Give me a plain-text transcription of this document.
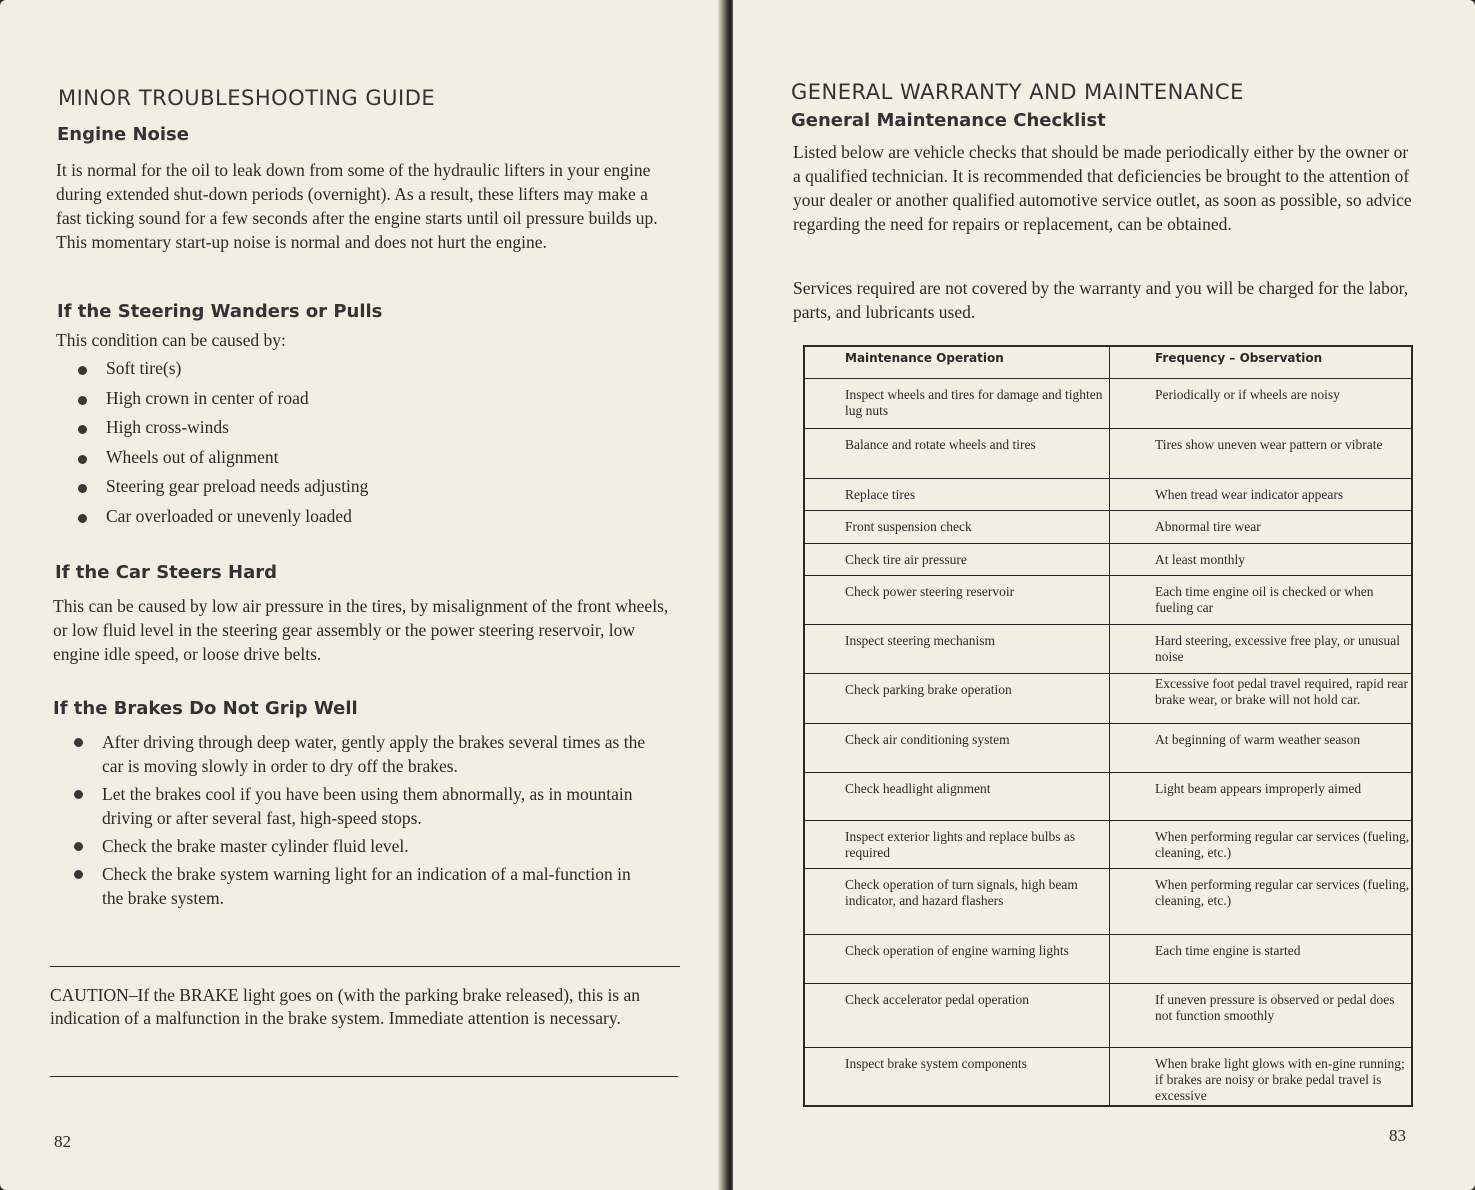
MINOR TROUBLESHOOTING GUIDE
Engine Noise

It is normal for the oil to leak down from some of the hydraulic lifters in your engine during extended shut-down periods (overnight). As a result, these lifters may make a fast ticking sound for a few seconds after the engine starts until oil pressure builds up. This momentary start-up noise is normal and does not hurt the engine.

If the Steering Wanders or Pulls

This condition can be caused by:

Soft tire(s)
High crown in center of road
High cross-winds
Wheels out of alignment
Steering gear preload needs adjusting
Car overloaded or unevenly loaded
If the Car Steers Hard

This can be caused by low air pressure in the tires, by misalignment of the front wheels, or low fluid level in the steering gear assembly or the power steering reservoir, low engine idle speed, or loose drive belts.

If the Brakes Do Not Grip Well
After driving through deep water, gently apply the brakes several times as the car is moving slowly in order to dry off the brakes.
Let the brakes cool if you have been using them abnormally, as in mountain driving or after several fast, high-speed stops.
Check the brake master cylinder fluid level.
Check the brake system warning light for an indication of a mal-function in the brake system.

CAUTION–If the BRAKE light goes on (with the parking brake released), this is an indication of a malfunction in the brake system. Immediate attention is necessary.

82
GENERAL WARRANTY AND MAINTENANCE
General Maintenance Checklist

Listed below are vehicle checks that should be made periodically either by the owner or a qualified technician. It is recommended that deficiencies be brought to the attention of your dealer or another qualified automotive service outlet, as soon as possible, so advice regarding the need for repairs or replacement, can be obtained.

Services required are not covered by the warranty and you will be charged for the labor, parts, and lubricants used.

Maintenance Operation	Frequency – Observation
Inspect wheels and tires for damage and tighten lug nuts	Periodically or if wheels are noisy
Balance and rotate wheels and tires	Tires show uneven wear pattern or vibrate
Replace tires	When tread wear indicator appears
Front suspension check	Abnormal tire wear
Check tire air pressure	At least monthly
Check power steering reservoir	Each time engine oil is checked or when fueling car
Inspect steering mechanism	Hard steering, excessive free play, or unusual noise
Check parking brake operation	Excessive foot pedal travel required, rapid rear brake wear, or brake will not hold car.
Check air conditioning system	At beginning of warm weather season
Check headlight alignment	Light beam appears improperly aimed
Inspect exterior lights and replace bulbs as required	When performing regular car services (fueling, cleaning, etc.)
Check operation of turn signals, high beam indicator, and hazard flashers	When performing regular car services (fueling, cleaning, etc.)
Check operation of engine warning lights	Each time engine is started
Check accelerator pedal operation	If uneven pressure is observed or pedal does not function smoothly
Inspect brake system components	When brake light glows with en-gine running; if brakes are noisy or brake pedal travel is excessive
83
